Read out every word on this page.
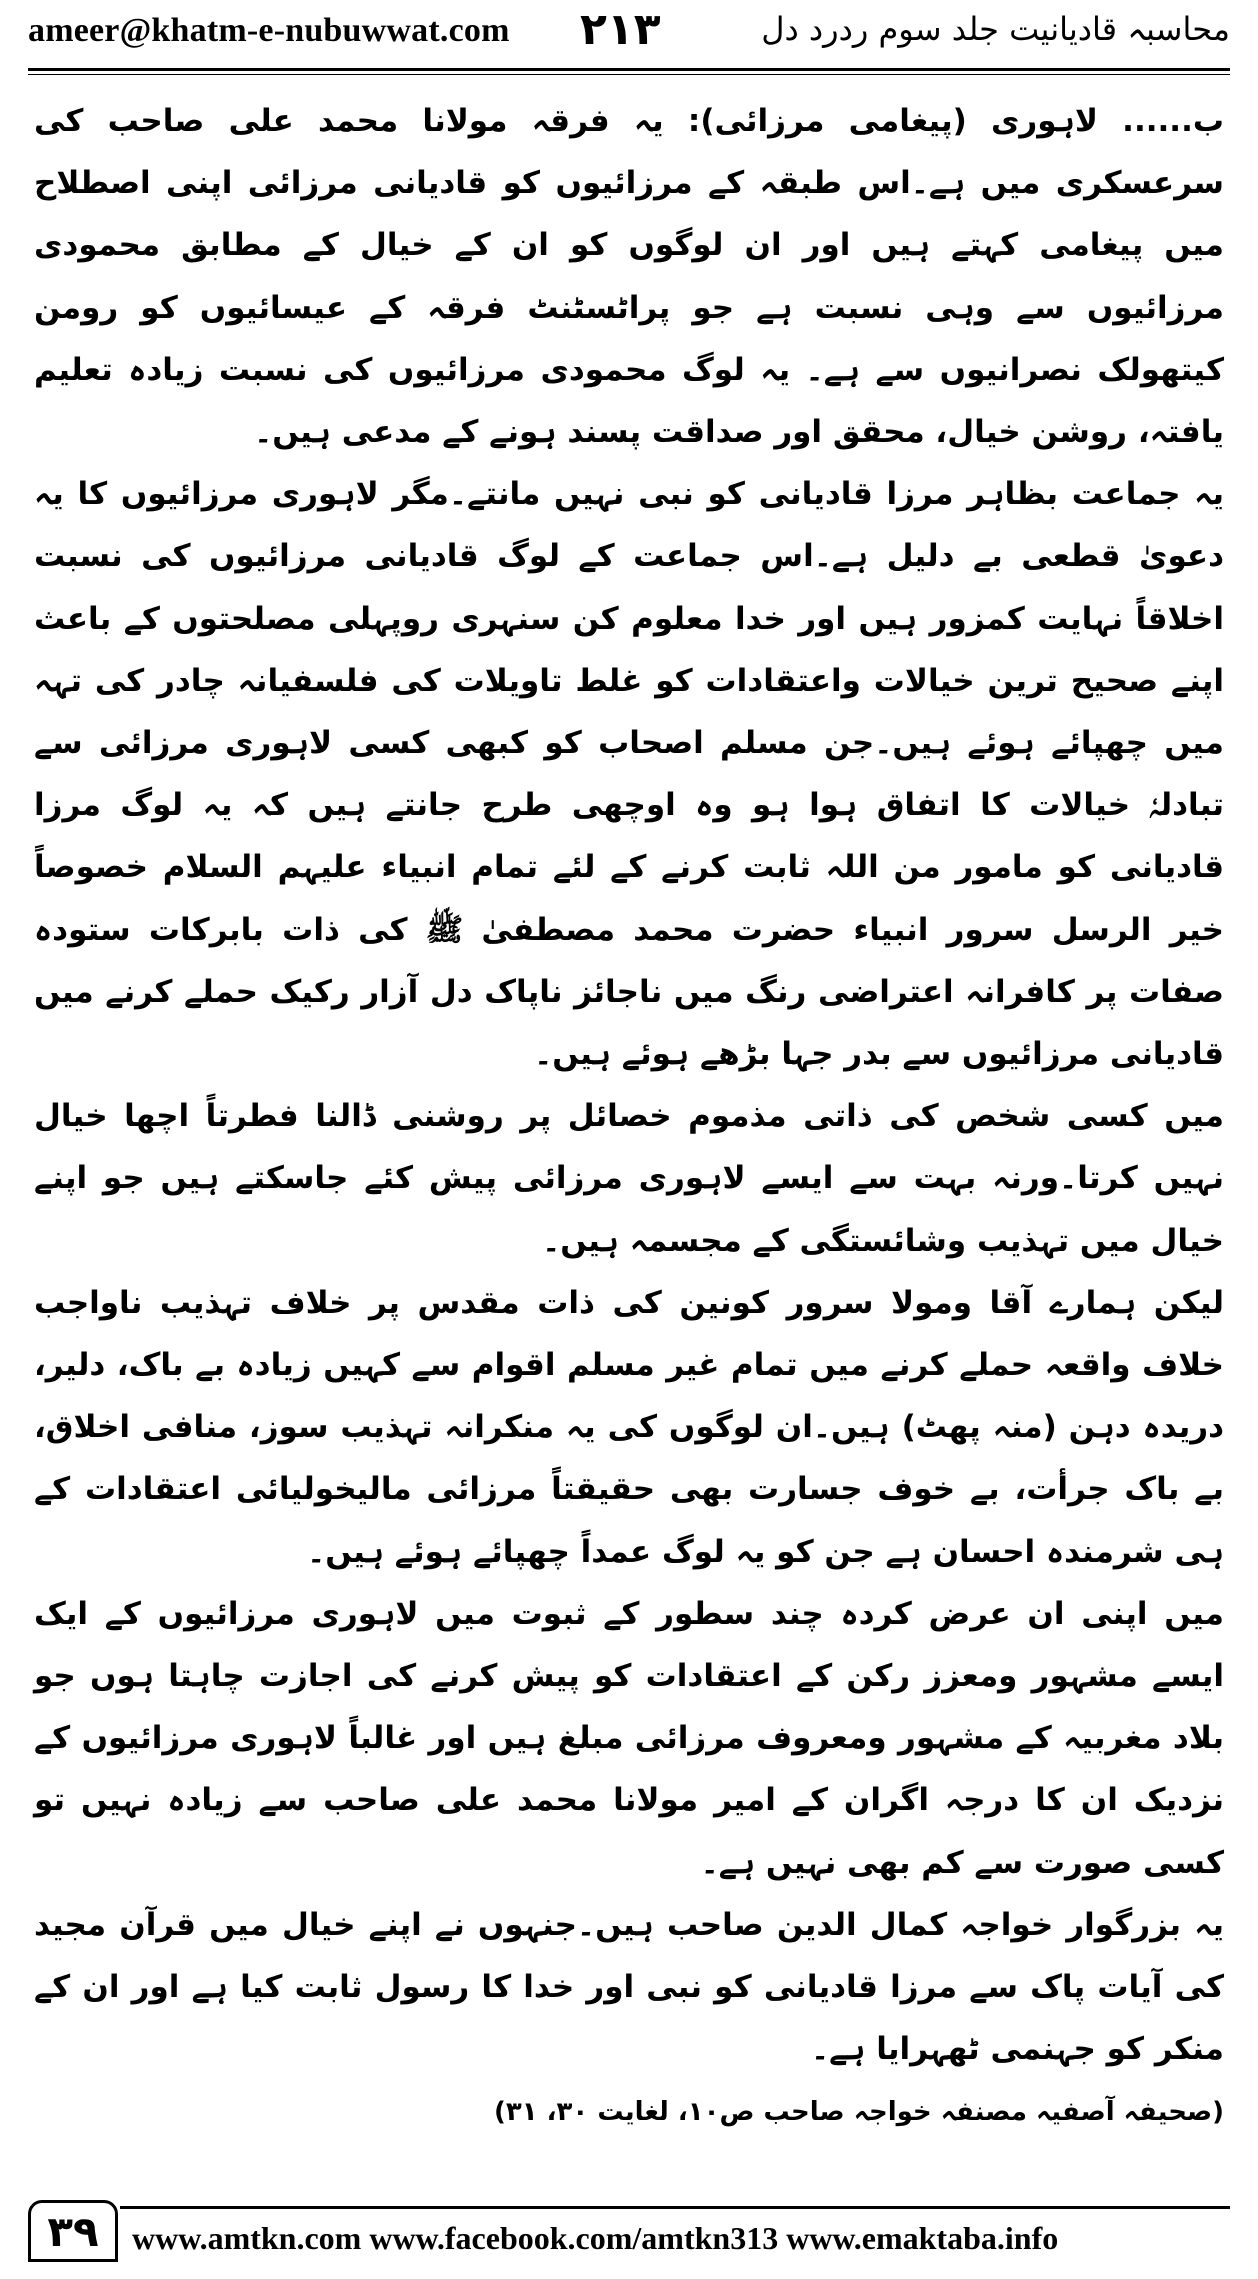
ameer@khatm-e-nubuwwat.com ۲۱۳	محاسبہ قادیانیت جلد سوم ردرد دل

ب...... لاہوری (پیغامی مرزائی): یہ فرقہ مولانا محمد علی صاحب کی سرعسکری میں ہے۔اس طبقہ کے مرزائیوں کو قادیانی مرزائی اپنی اصطلاح میں پیغامی کہتے ہیں اور ان لوگوں کو ان کے خیال کے مطابق محمودی مرزائیوں سے وہی نسبت ہے جو پراٹسٹنٹ فرقہ کے عیسائیوں کو رومن کیتھولک نصرانیوں سے ہے۔ یہ لوگ محمودی مرزائیوں کی نسبت زیادہ تعلیم یافتہ، روشن خیال، محقق اور صداقت پسند ہونے کے مدعی ہیں۔

یہ جماعت بظاہر مرزا قادیانی کو نبی نہیں مانتے۔مگر لاہوری مرزائیوں کا یہ دعویٰ قطعی بے دلیل ہے۔اس جماعت کے لوگ قادیانی مرزائیوں کی نسبت اخلاقاً نہایت کمزور ہیں اور خدا معلوم کن سنہری روپہلی مصلحتوں کے باعث اپنے صحیح ترین خیالات واعتقادات کو غلط تاویلات کی فلسفیانہ چادر کی تہہ میں چھپائے ہوئے ہیں۔جن مسلم اصحاب کو کبھی کسی لاہوری مرزائی سے تبادلہٗ خیالات کا اتفاق ہوا ہو وہ اوچھی طرح جانتے ہیں کہ یہ لوگ مرزا قادیانی کو مامور من اللہ ثابت کرنے کے لئے تمام انبیاء علیہم السلام خصوصاً خیر الرسل سرور انبیاء حضرت محمد مصطفیٰ ﷺ کی ذات بابرکات ستودہ صفات پر کافرانہ اعتراضی رنگ میں ناجائز ناپاک دل آزار رکیک حملے کرنے میں قادیانی مرزائیوں سے بدر جہا بڑھے ہوئے ہیں۔

میں کسی شخص کی ذاتی مذموم خصائل پر روشنی ڈالنا فطرتاً اچھا خیال نہیں کرتا۔ورنہ بہت سے ایسے لاہوری مرزائی پیش کئے جاسکتے ہیں جو اپنے خیال میں تہذیب وشائستگی کے مجسمہ ہیں۔

لیکن ہمارے آقا ومولا سرور کونین کی ذات مقدس پر خلاف تہذیب ناواجب خلاف واقعہ حملے کرنے میں تمام غیر مسلم اقوام سے کہیں زیادہ بے باک، دلیر، دریدہ دہن (منہ پھٹ) ہیں۔ان لوگوں کی یہ منکرانہ تہذیب سوز، منافی اخلاق، بے باک جرأت، بے خوف جسارت بھی حقیقتاً مرزائی مالیخولیائی اعتقادات کے ہی شرمندہ احسان ہے جن کو یہ لوگ عمداً چھپائے ہوئے ہیں۔

میں اپنی ان عرض کردہ چند سطور کے ثبوت میں لاہوری مرزائیوں کے ایک ایسے مشہور ومعزز رکن کے اعتقادات کو پیش کرنے کی اجازت چاہتا ہوں جو بلاد مغربیہ کے مشہور ومعروف مرزائی مبلغ ہیں اور غالباً لاہوری مرزائیوں کے نزدیک ان کا درجہ اگران کے امیر مولانا محمد علی صاحب سے زیادہ نہیں تو کسی صورت سے کم بھی نہیں ہے۔

یہ بزرگوار خواجہ کمال الدین صاحب ہیں۔جنہوں نے اپنے خیال میں قرآن مجید کی آیات پاک سے مرزا قادیانی کو نبی اور خدا کا رسول ثابت کیا ہے اور ان کے منکر کو جہنمی ٹھہرایا ہے۔

(صحیفہ آصفیہ مصنفہ خواجہ صاحب ص۱۰، لغایت ۳۰، ۳۱)

۳۹	www.amtkn.com www.facebook.com/amtkn313 www.emaktaba.info
